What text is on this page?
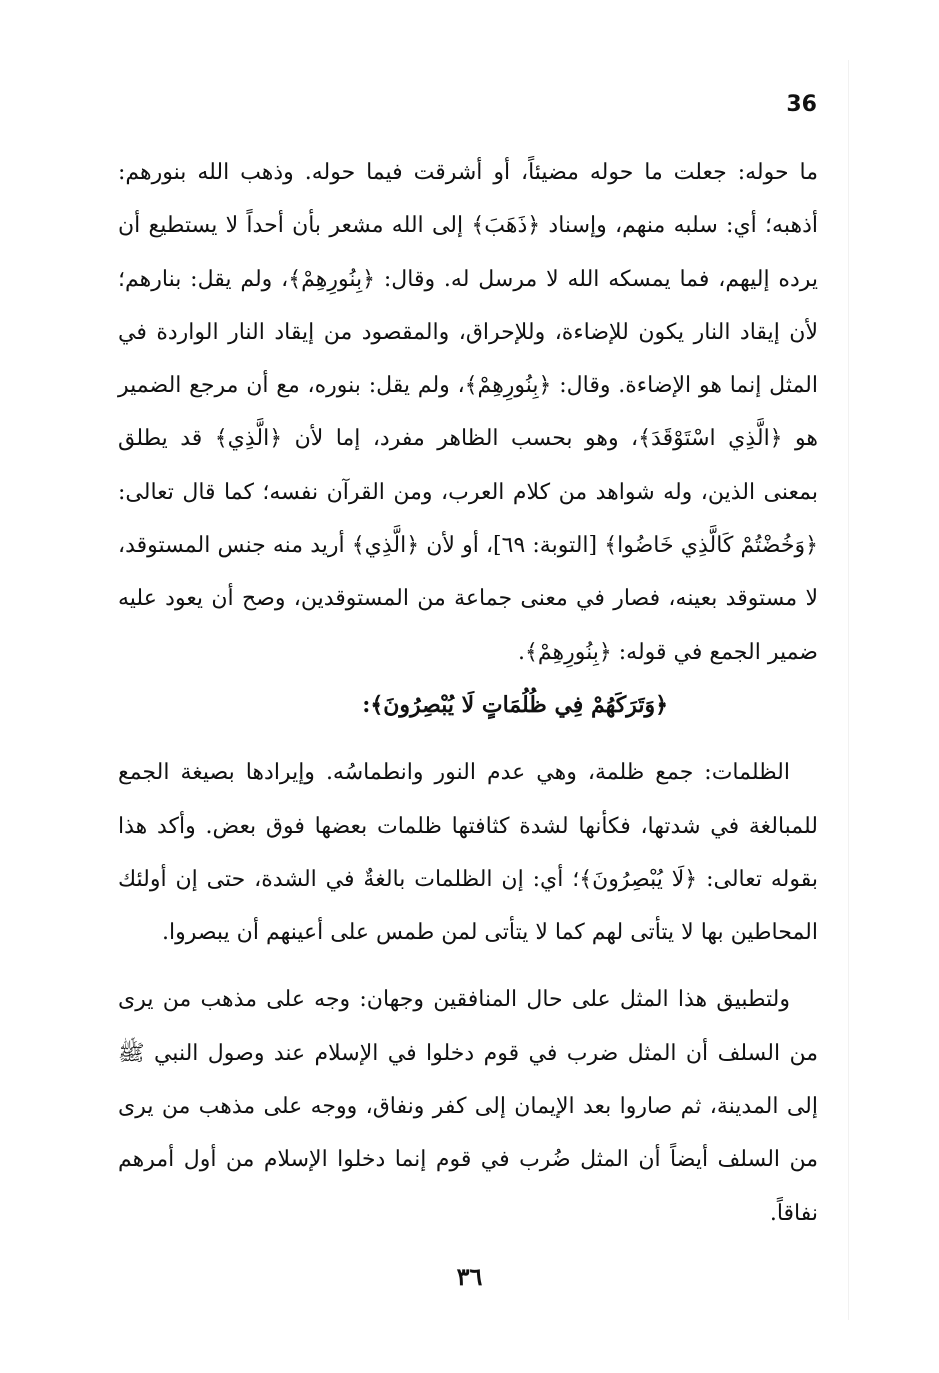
36

ما حوله: جعلت ما حوله مضيئاً، أو أشرقت فيما حوله. وذهب الله بنورهم: أذهبه؛ أي: سلبه منهم، وإسناد ﴿ذَهَبَ﴾ إلى الله مشعر بأن أحداً لا يستطيع أن يرده إليهم، فما يمسكه الله لا مرسل له. وقال: ﴿بِنُورِهِمْ﴾، ولم يقل: بنارهم؛ لأن إيقاد النار يكون للإضاءة، وللإحراق، والمقصود من إيقاد النار الواردة في المثل إنما هو الإضاءة. وقال: ﴿بِنُورِهِمْ﴾، ولم يقل: بنوره، مع أن مرجع الضمير هو ﴿الَّذِي اسْتَوْقَدَ﴾، وهو بحسب الظاهر مفرد، إما لأن ﴿الَّذِي﴾ قد يطلق بمعنى الذين، وله شواهد من كلام العرب، ومن القرآن نفسه؛ كما قال تعالى: ﴿وَخُضْتُمْ كَالَّذِي خَاضُوا﴾ [التوبة: ٦٩]، أو لأن ﴿الَّذِي﴾ أريد منه جنس المستوقد، لا مستوقد بعينه، فصار في معنى جماعة من المستوقدين، وصح أن يعود عليه ضمير الجمع في قوله: ﴿بِنُورِهِمْ﴾.

﴿وَتَرَكَهُمْ فِي ظُلُمَاتٍ لَا يُبْصِرُونَ﴾:

الظلمات: جمع ظلمة، وهي عدم النور وانطماسُه. وإيرادها بصيغة الجمع للمبالغة في شدتها، فكأنها لشدة كثافتها ظلمات بعضها فوق بعض. وأكد هذا بقوله تعالى: ﴿لَا يُبْصِرُونَ﴾؛ أي: إن الظلمات بالغةٌ في الشدة، حتى إن أولئك المحاطين بها لا يتأتى لهم كما لا يتأتى لمن طمس على أعينهم أن يبصروا.

ولتطبيق هذا المثل على حال المنافقين وجهان: وجه على مذهب من يرى من السلف أن المثل ضرب في قوم دخلوا في الإسلام عند وصول النبي ﷺ إلى المدينة، ثم صاروا بعد الإيمان إلى كفر ونفاق، ووجه على مذهب من يرى من السلف أيضاً أن المثل ضُرب في قوم إنما دخلوا الإسلام من أول أمرهم نفاقاً.

٣٦
